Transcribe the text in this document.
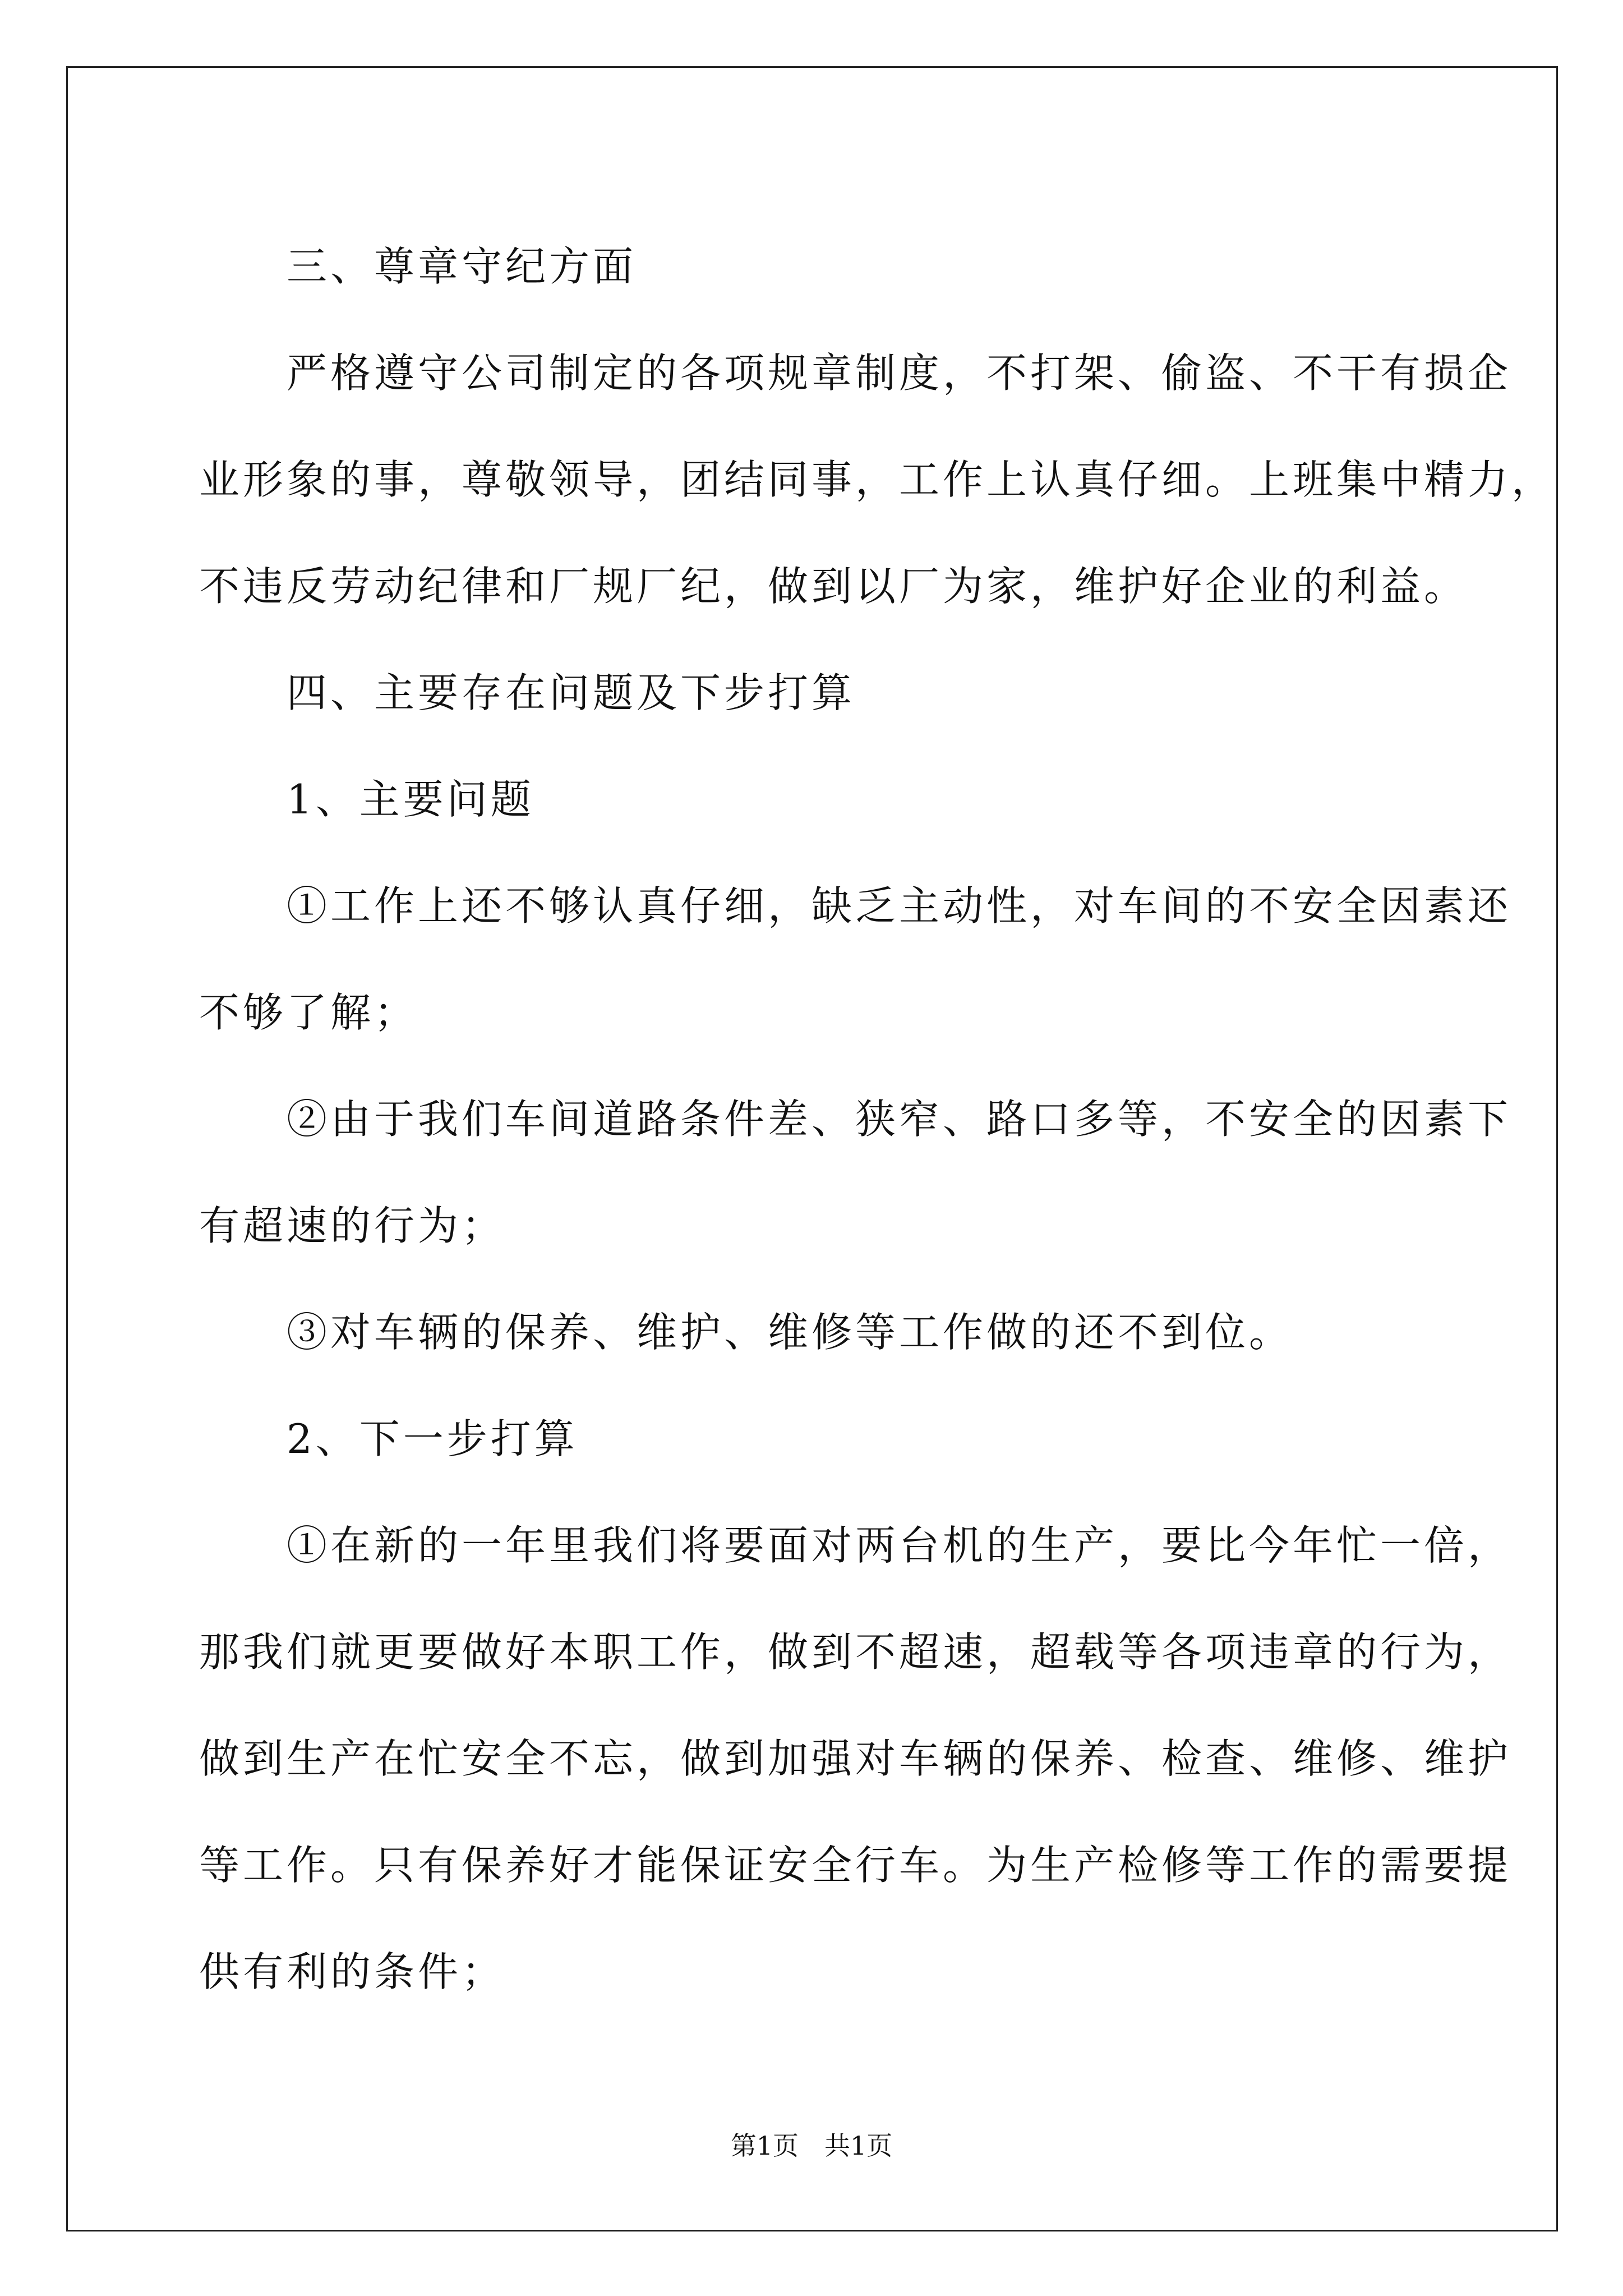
　　三、尊章守纪方面
　　严格遵守公司制定的各项规章制度，不打架、偷盗、不干有损企
业形象的事，尊敬领导，团结同事，工作上认真仔细。上班集中精力，
不违反劳动纪律和厂规厂纪，做到以厂为家，维护好企业的利益。
　　四、主要存在问题及下步打算
　　1、主要问题
　　①工作上还不够认真仔细，缺乏主动性，对车间的不安全因素还
不够了解；
　　②由于我们车间道路条件差、狭窄、路口多等，不安全的因素下
有超速的行为；
　　③对车辆的保养、维护、维修等工作做的还不到位。
　　2、下一步打算
　　①在新的一年里我们将要面对两台机的生产，要比今年忙一倍，
那我们就更要做好本职工作，做到不超速，超载等各项违章的行为，
做到生产在忙安全不忘，做到加强对车辆的保养、检查、维修、维护
等工作。只有保养好才能保证安全行车。为生产检修等工作的需要提
供有利的条件；
第1页　共1页
